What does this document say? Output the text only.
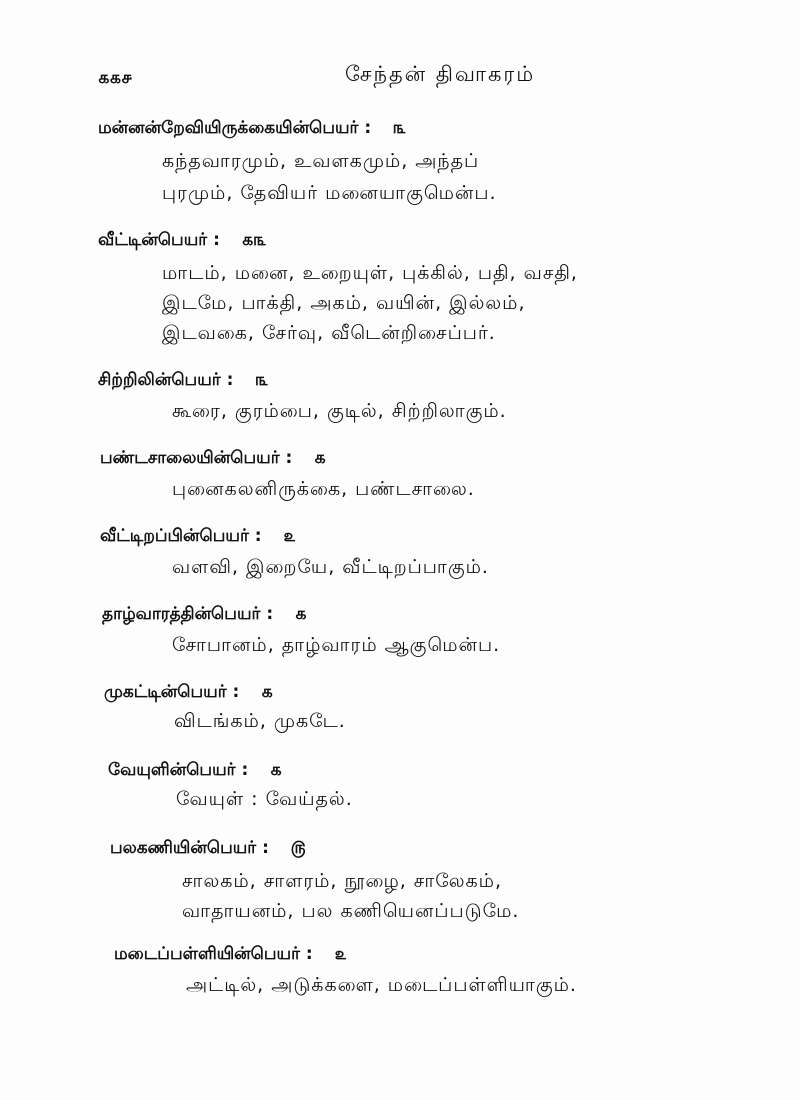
௧௧௪	சேந்தன் திவாகரம்
மன்னன்றேவியிருக்கையின்பெயர் : ௩
கந்தவாரமும், உவளகமும், அந்தப்
புரமும், தேவியர் மனையாகுமென்ப.
வீட்டின்பெயர் : ௧௩
மாடம், மனை, உறையுள், புக்கில், பதி, வசதி,
இடமே, பாக்தி, அகம், வயின், இல்லம்,
இடவகை, சேர்வு, வீடென்றிசைப்பர்.
சிற்றிலின்பெயர் : ௩
கூரை, குரம்பை, குடில், சிற்றிலாகும்.
பண்டசாலையின்பெயர் : ௧
புனைகலனிருக்கை, பண்டசாலை.
வீட்டிறப்பின்பெயர் : ௨
வளவி, இறையே, வீட்டிறப்பாகும்.
தாழ்வாரத்தின்பெயர் : ௧
சோபானம், தாழ்வாரம் ஆகுமென்ப.
முகட்டின்பெயர் : ௧
விடங்கம், முகடே.
வேயுளின்பெயர் : ௧
வேயுள் : வேய்தல்.
பலகணியின்பெயர் : ௫
சாலகம், சாளரம், நூழை, சாலேகம்,
வாதாயனம், பல கணியெனப்படுமே.
மடைப்பள்ளியின்பெயர் : ௨
அட்டில், அடுக்களை, மடைப்பள்ளியாகும்.
